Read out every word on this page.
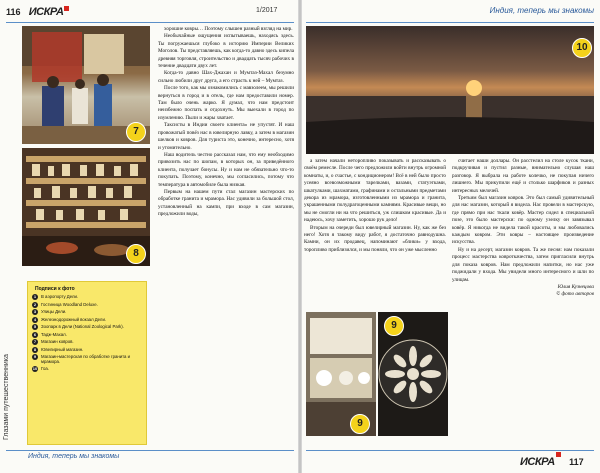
116 ИСКРА	1/2017
7
8
Подписи к фото
1	В аэропорту Дели.
2	Гостиница Woodland Deluxe.
3	Улицы Дели.
4	Железнодорожный вокзал Дели.
5	Зоопарк в Дели (National Zoological Park).
6	Тадж-Махал.
7	Магазин ковров.
8	Ювелирный магазин.
9	Магазин-мастерская по обработке гранита и мрамора.
10 Гоа.
Глазами путешественника

хорошие ковры… Поэтому слышен разный взгляд на мир.

Необычайные ощущения испытываешь, находясь здесь. Ты погружаешься глубоко в историю Империи Великих Моголов. Ты представляешь, как когда-то давно здесь кипела древняя торговля, строительство и двадцать тысяч рабочих в течение двадцати двух лет.

Когда-то давно Шах-Джахан и Мумтаз-Махал безумно сильно любили друг друга, а его страсть к ней – Мумтаз.

После того, как мы ознакомились с мавзолеем, мы решили вернуться в город и в отель, где нам предоставили номер. Там было очень жарко. Я думал, что нам предстоит неизбежно поспать и отдохнуть. Мы выехали в город по изумлению. Пыли и жары хватает.

Таксисты в Индии своего клиента» не упустят. И наш провожатый повёз нас в ювелирную лавку, а затем в магазин шелков и ковров. Для туриста это, конечно, интересно, хотя и утомительно.

Наш водитель честно рассказал нам, что ему необходимо привозить нас по шопам, в которых он, за приведённого клиента, получает бонусы. Ну и нам не обязательно что-то покупать. Поэтому, конечно, мы согласились, потому что температура в автомобиле была низкая.

Первым на нашем пути стал магазин мастерских по обработке гранита и мрамора. Нас удивили за большой стол, установленный на кампи, при входе в сам магазин, предложили воды,

Индия, теперь мы знакомы
Индия, теперь мы знакомы
10

а затем начали неторопливо показывать и рассказывать о своём ремесле. После чего предложили войти внутрь огромной комнаты, и, о счастье, с кондиционером! Всё в ней было просто усеяно всевозможными тарелками, вазами, статуэтками, шкатулками, шахматами, графинами и остальными предметами декора из мрамора, изготовленными из мрамора и гранита, украшенными полудрагоценными камнями. Красивые вещи, но мы не смогли ни на что решиться, уж слишком красивые. Да и надеюсь, хочу заметить, хорошо рук дело!

Вторым на очереди был ювелирный магазин. Ну, как же без него! Хотя я такому виду работ, я достаточно равнодушна. Камни, он их продавец, напоминают «блики» у входа, торопливо приблизился, и мы поняли, что он уже мысленно

считает наши доллары. Он расстелил на столе кусок ткани, подкручивая и пустил разные, внимательно слушая наш разговор. Я выбрала на работе колечко, не покупая ничего лишнего. Мы прикупили ещё и столько шарфиков и разных интересных мелочей.

Третьим был магазин ковров. Это был самый удивительный для нас магазин, который я видела. Нас провели в мастерскую, где прямо при нас ткали ковёр. Мастер сидел в специальной позе, это было мастерски: по одному узелку он завязывал ковёр. Я никогда не видела такой красоты, и мы любовались каждым ковром. Эти ковры – настоящее произведение искусства.

Ну и на десерт, магазин ковров. Та же песня: нам показали процесс мастерства ковроткачества, затем пригласили внутрь для показа ковров. Нам предложили напитки, но нас уже поджидали у входа. Мы увидели много интересного и шли по улицам.

Юлия Кузнецова

© фото авторов

9
9
ИСКРА 117
